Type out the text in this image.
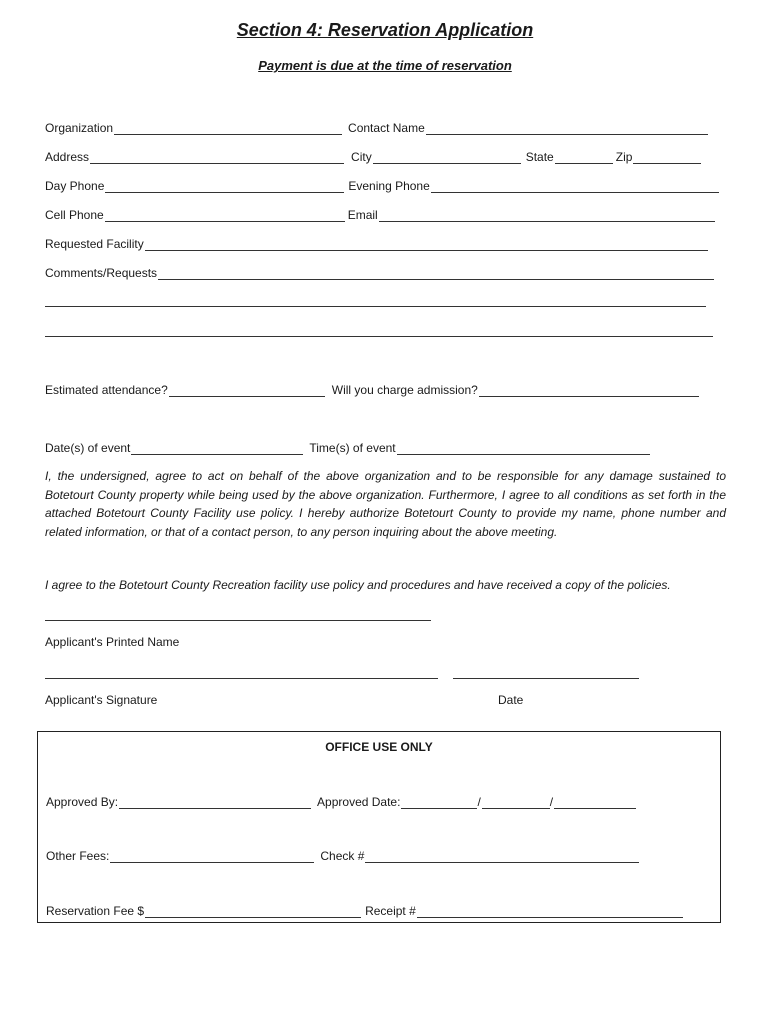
Section 4: Reservation Application
Payment is due at the time of reservation
Organization	Contact Name
Address	City	State	Zip
Day Phone	Evening Phone
Cell Phone	Email
Requested Facility
Comments/Requests
Estimated attendance?	Will you charge admission?
Date(s) of event	Time(s) of event
I, the undersigned, agree to act on behalf of the above organization and to be responsible for any damage sustained to Botetourt County property while being used by the above organization. Furthermore, I agree to all conditions as set forth in the attached Botetourt County Facility use policy. I hereby authorize Botetourt County to provide my name, phone number and related information, or that of a contact person, to any person inquiring about the above meeting.
I agree to the Botetourt County Recreation facility use policy and procedures and have received a copy of the policies.
Applicant's Printed Name
Applicant's Signature	Date
OFFICE USE ONLY
Approved By:	Approved Date:	/	/
Other Fees:	Check #
Reservation Fee $	Receipt #
